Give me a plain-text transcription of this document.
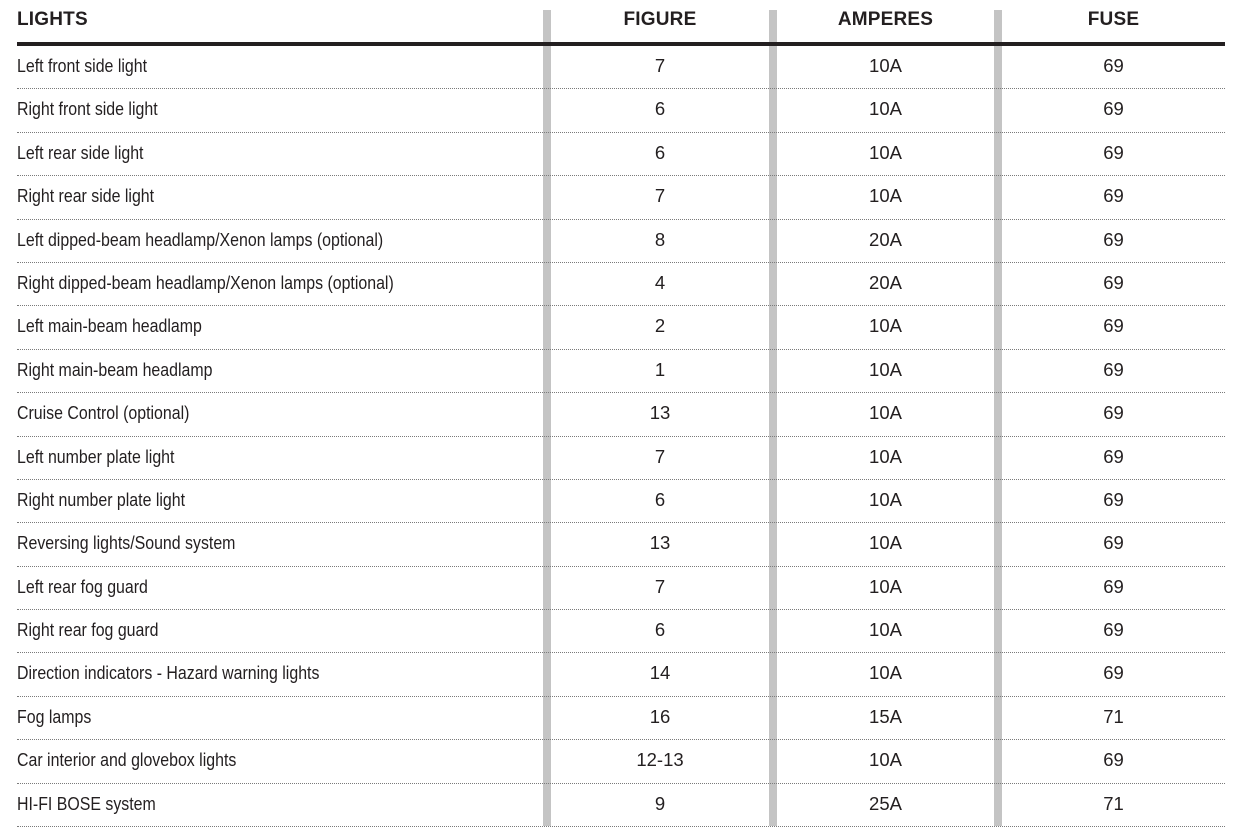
LIGHTS	FIGURE	AMPERES	FUSE
Left front side light	7	10A	69
Right front side light	6	10A	69
Left rear side light	6	10A	69
Right rear side light	7	10A	69
Left dipped-beam headlamp/Xenon lamps (optional)	8	20A	69
Right dipped-beam headlamp/Xenon lamps (optional)	4	20A	69
Left main-beam headlamp	2	10A	69
Right main-beam headlamp	1	10A	69
Cruise Control (optional)	13	10A	69
Left number plate light	7	10A	69
Right number plate light	6	10A	69
Reversing lights/Sound system	13	10A	69
Left rear fog guard	7	10A	69
Right rear fog guard	6	10A	69
Direction indicators - Hazard warning lights	14	10A	69
Fog lamps	16	15A	71
Car interior and glovebox lights	12-13	10A	69
HI-FI BOSE system	9	25A	71
